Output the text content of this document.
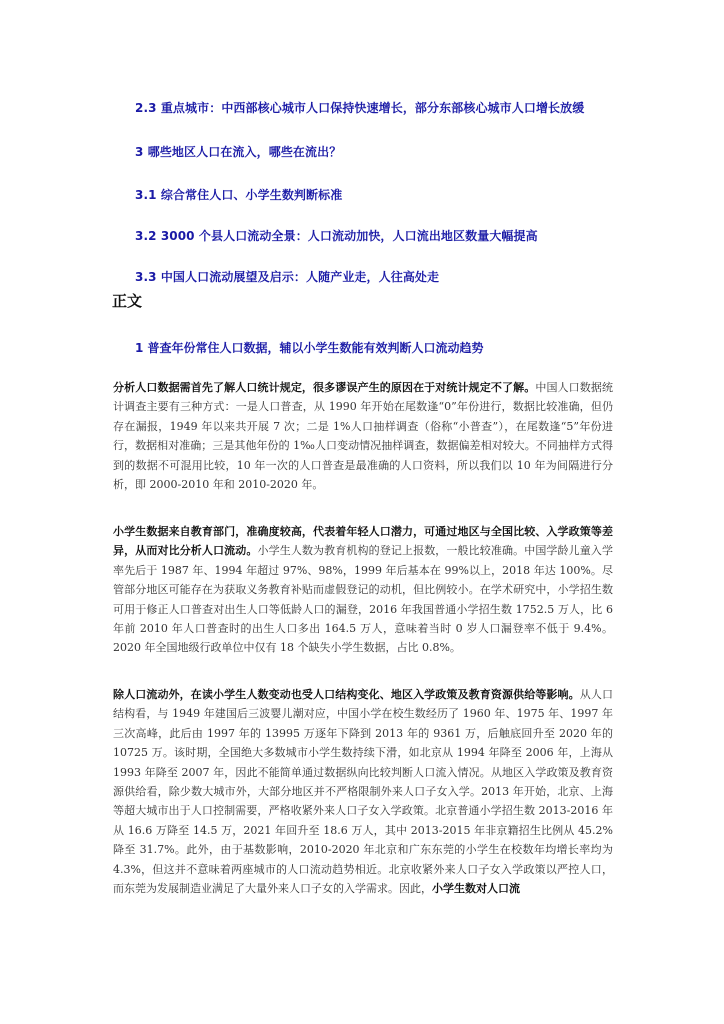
2.3 重点城市：中西部核心城市人口保持快速增长，部分东部核心城市人口增长放缓
3 哪些地区人口在流入，哪些在流出？
3.1 综合常住人口、小学生数判断标准
3.2 3000 个县人口流动全景：人口流动加快，人口流出地区数量大幅提高
3.3 中国人口流动展望及启示：人随产业走，人往高处走
正文
1 普查年份常住人口数据，辅以小学生数能有效判断人口流动趋势

分析人口数据需首先了解人口统计规定，很多谬误产生的原因在于对统计规定不了解。中国人口数据统计调查主要有三种方式：一是人口普查，从 1990 年开始在尾数逢“0”年份进行，数据比较准确，但仍存在漏报，1949 年以来共开展 7 次；二是 1%人口抽样调查（俗称“小普查”），在尾数逢“5”年份进行，数据相对准确；三是其他年份的 1‰人口变动情况抽样调查，数据偏差相对较大。不同抽样方式得到的数据不可混用比较，10 年一次的人口普查是最准确的人口资料，所以我们以 10 年为间隔进行分析，即 2000-2010 年和 2010-2020 年。

小学生数据来自教育部门，准确度较高，代表着年轻人口潜力，可通过地区与全国比较、入学政策等差异，从而对比分析人口流动。小学生人数为教育机构的登记上报数，一般比较准确。中国学龄儿童入学率先后于 1987 年、1994 年超过 97%、98%，1999 年后基本在 99%以上，2018 年达 100%。尽管部分地区可能存在为获取义务教育补贴而虚假登记的动机，但比例较小。在学术研究中，小学招生数可用于修正人口普查对出生人口等低龄人口的漏登，2016 年我国普通小学招生数 1752.5 万人，比 6 年前 2010 年人口普查时的出生人口多出 164.5 万人，意味着当时 0 岁人口漏登率不低于 9.4%。2020 年全国地级行政单位中仅有 18 个缺失小学生数据，占比 0.8%。

除人口流动外，在读小学生人数变动也受人口结构变化、地区入学政策及教育资源供给等影响。从人口结构看，与 1949 年建国后三波婴儿潮对应，中国小学在校生数经历了 1960 年、1975 年、1997 年三次高峰，此后由 1997 年的 13995 万逐年下降到 2013 年的 9361 万，后触底回升至 2020 年的 10725 万。该时期，全国绝大多数城市小学生数持续下滑，如北京从 1994 年降至 2006 年，上海从 1993 年降至 2007 年，因此不能简单通过数据纵向比较判断人口流入情况。从地区入学政策及教育资源供给看，除少数大城市外，大部分地区并不严格限制外来人口子女入学。2013 年开始，北京、上海等超大城市出于人口控制需要，严格收紧外来人口子女入学政策。北京普通小学招生数 2013-2016 年从 16.6 万降至 14.5 万，2021 年回升至 18.6 万人，其中 2013-2015 年非京籍招生比例从 45.2%降至 31.7%。此外，由于基数影响，2010-2020 年北京和广东东莞的小学生在校数年均增长率均为 4.3%，但这并不意味着两座城市的人口流动趋势相近。北京收紧外来人口子女入学政策以严控人口，而东莞为发展制造业满足了大量外来人口子女的入学需求。因此，小学生数对人口流
